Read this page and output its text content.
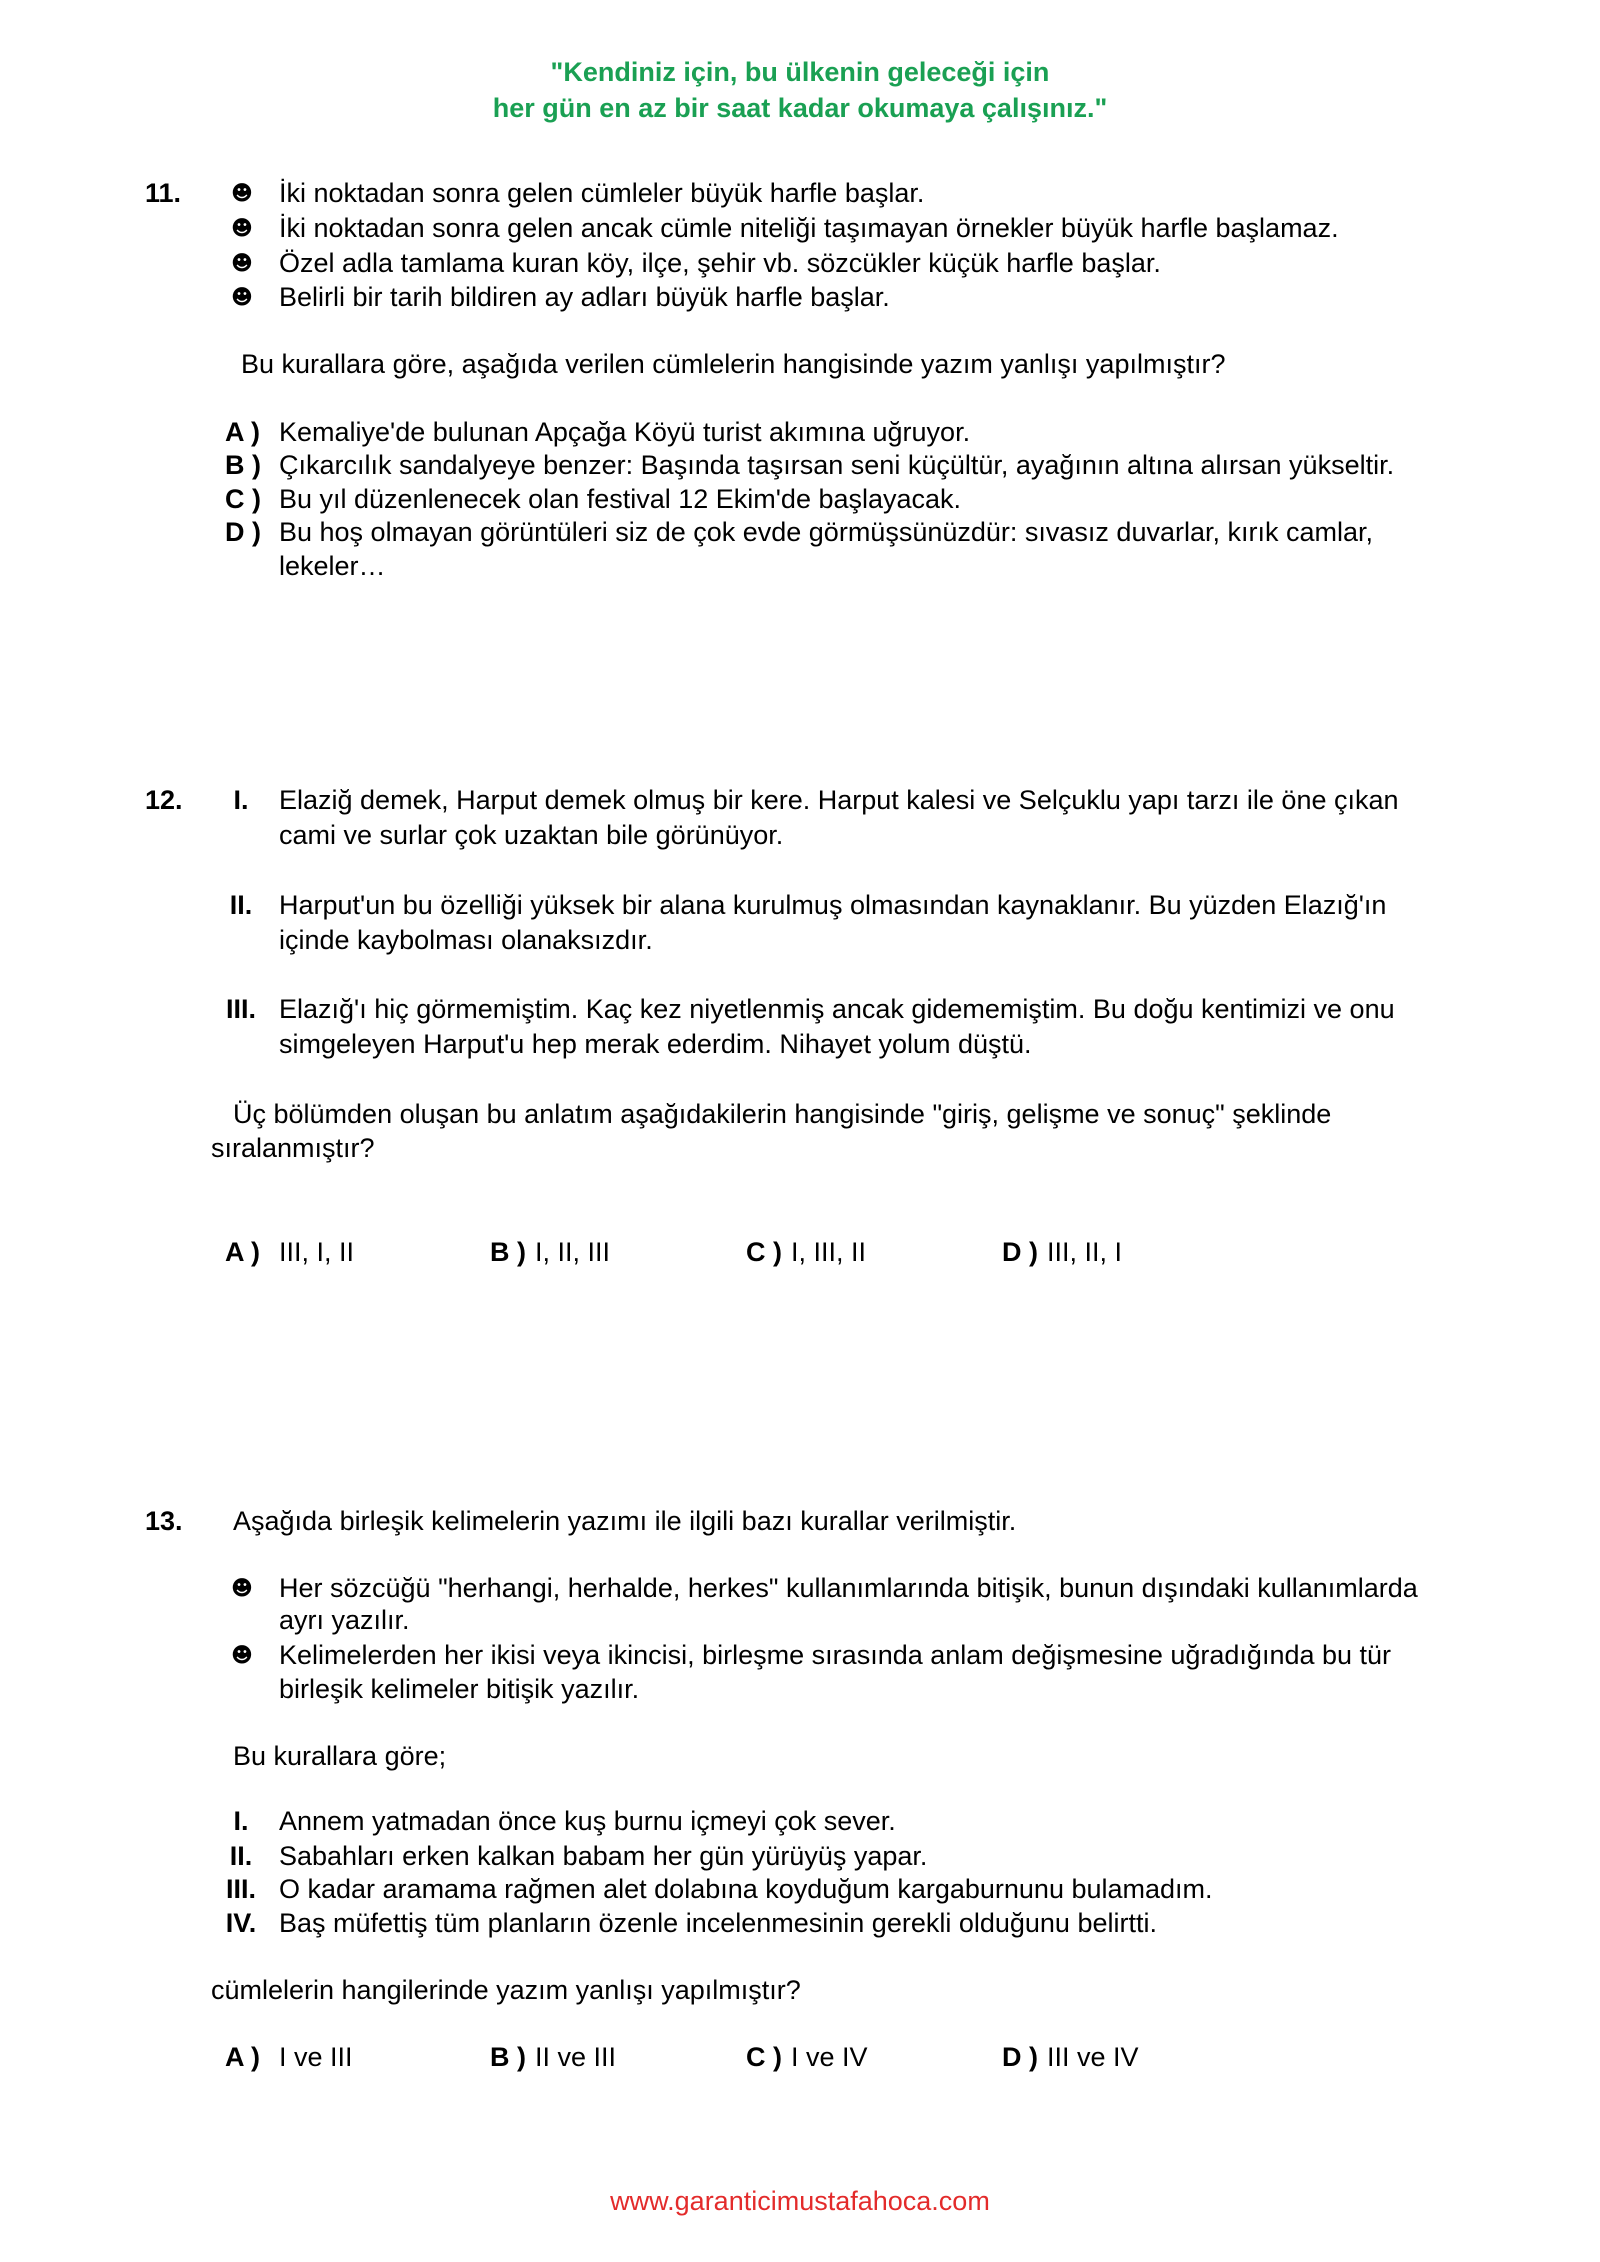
"Kendiniz için, bu ülkenin geleceği için
her gün en az bir saat kadar okumaya çalışınız."
11.
☻	İki noktadan sonra gelen cümleler büyük harfle başlar.
☻
İki noktadan sonra gelen ancak cümle niteliği taşımayan örnekler büyük harfle başlamaz.
☻
Özel adla tamlama kuran köy, ilçe, şehir vb. sözcükler küçük harfle başlar.
☻
Belirli bir tarih bildiren ay adları büyük harfle başlar.
Bu kurallara göre, aşağıda verilen cümlelerin hangisinde yazım yanlışı yapılmıştır?
A ) Kemaliye'de bulunan Apçağa Köyü turist akımına uğruyor.
B ) Çıkarcılık sandalyeye benzer: Başında taşırsan seni küçültür, ayağının altına alırsan yükseltir.
C ) Bu yıl düzenlenecek olan festival 12 Ekim'de başlayacak.
D ) Bu hoş olmayan görüntüleri siz de çok evde görmüşsünüzdür: sıvasız duvarlar, kırık camlar,
lekeler…
12.	I.	Elaziğ demek, Harput demek olmuş bir kere. Harput kalesi ve Selçuklu yapı tarzı ile öne çıkan
cami ve surlar çok uzaktan bile görünüyor.
II. Harput'un bu özelliği yüksek bir alana kurulmuş olmasından kaynaklanır. Bu yüzden Elazığ'ın
içinde kaybolması olanaksızdır.
III. Elazığ'ı hiç görmemiştim. Kaç kez niyetlenmiş ancak gidememiştim. Bu doğu kentimizi ve onu
simgeleyen Harput'u hep merak ederdim. Nihayet yolum düştü.
Üç bölümden oluşan bu anlatım aşağıdakilerin hangisinde "giriş, gelişme ve sonuç" şeklinde
sıralanmıştır?
A ) III, I, II	B ) I, II, III	C ) I, III, II	D ) III, II, I
13. Aşağıda birleşik kelimelerin yazımı ile ilgili bazı kurallar verilmiştir.
☻
Her sözcüğü "herhangi, herhalde, herkes" kullanımlarında bitişik, bunun dışındaki kullanımlarda
ayrı yazılır.
☻
Kelimelerden her ikisi veya ikincisi, birleşme sırasında anlam değişmesine uğradığında bu tür
birleşik kelimeler bitişik yazılır.
Bu kurallara göre;
I.	Annem yatmadan önce kuş burnu içmeyi çok sever.
II. Sabahları erken kalkan babam her gün yürüyüş yapar.
III. O kadar aramama rağmen alet dolabına koyduğum kargaburnunu bulamadım.
IV. Baş müfettiş tüm planların özenle incelenmesinin gerekli olduğunu belirtti.
cümlelerin hangilerinde yazım yanlışı yapılmıştır?
A ) I ve III	B ) II ve III	C ) I ve IV	D ) III ve IV
www.garanticimustafahoca.com
